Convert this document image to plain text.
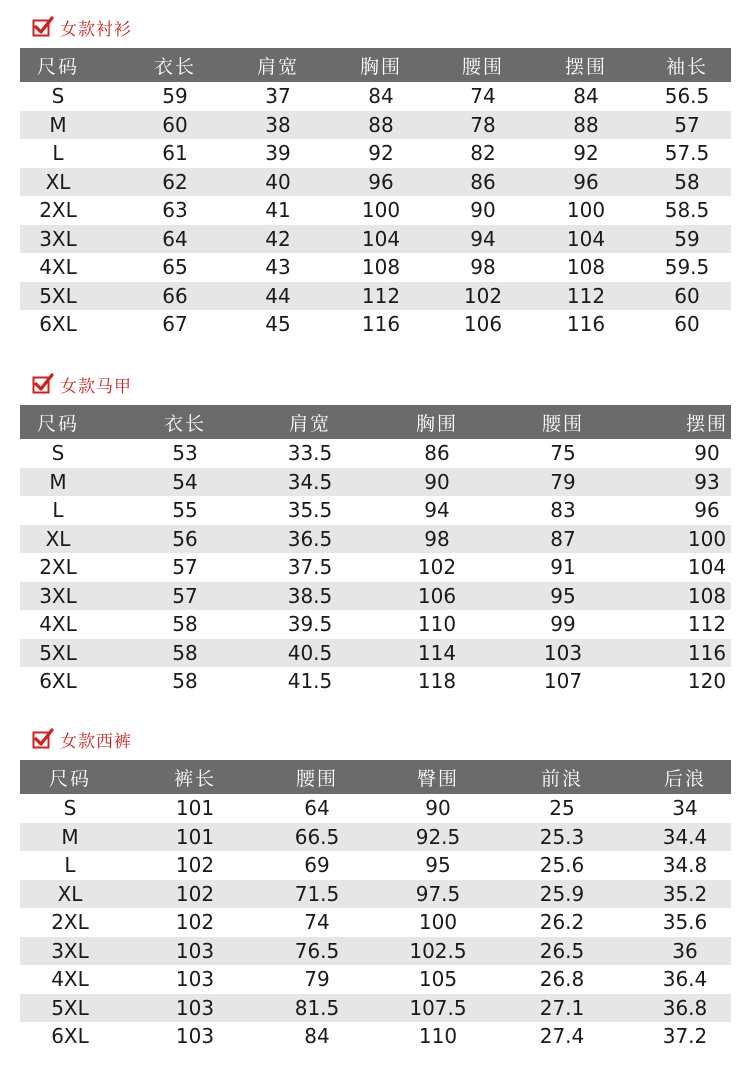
女款衬衫
尺码	衣长	肩宽	胸围	腰围	摆围	袖长
S	59	37	84	74	84	56.5
M	60	38	88	78	88	57
L	61	39	92	82	92	57.5
XL	62	40	96	86	96	58
2XL	63	41	100	90	100	58.5
3XL	64	42	104	94	104	59
4XL	65	43	108	98	108	59.5
5XL	66	44	112	102	112	60
6XL	67	45	116	106	116	60
女款马甲
尺码	衣长	肩宽	胸围	腰围	摆围
S	53	33.5	86	75	90
M	54	34.5	90	79	93
L	55	35.5	94	83	96
XL	56	36.5	98	87	100
2XL	57	37.5	102	91	104
3XL	57	38.5	106	95	108
4XL	58	39.5	110	99	112
5XL	58	40.5	114	103	116
6XL	58	41.5	118	107	120
女款西裤
尺码	裤长	腰围	臀围	前浪	后浪
S	101	64	90	25	34
M	101	66.5	92.5	25.3	34.4
L	102	69	95	25.6	34.8
XL	102	71.5	97.5	25.9	35.2
2XL	102	74	100	26.2	35.6
3XL	103	76.5	102.5	26.5	36
4XL	103	79	105	26.8	36.4
5XL	103	81.5	107.5	27.1	36.8
6XL	103	84	110	27.4	37.2
